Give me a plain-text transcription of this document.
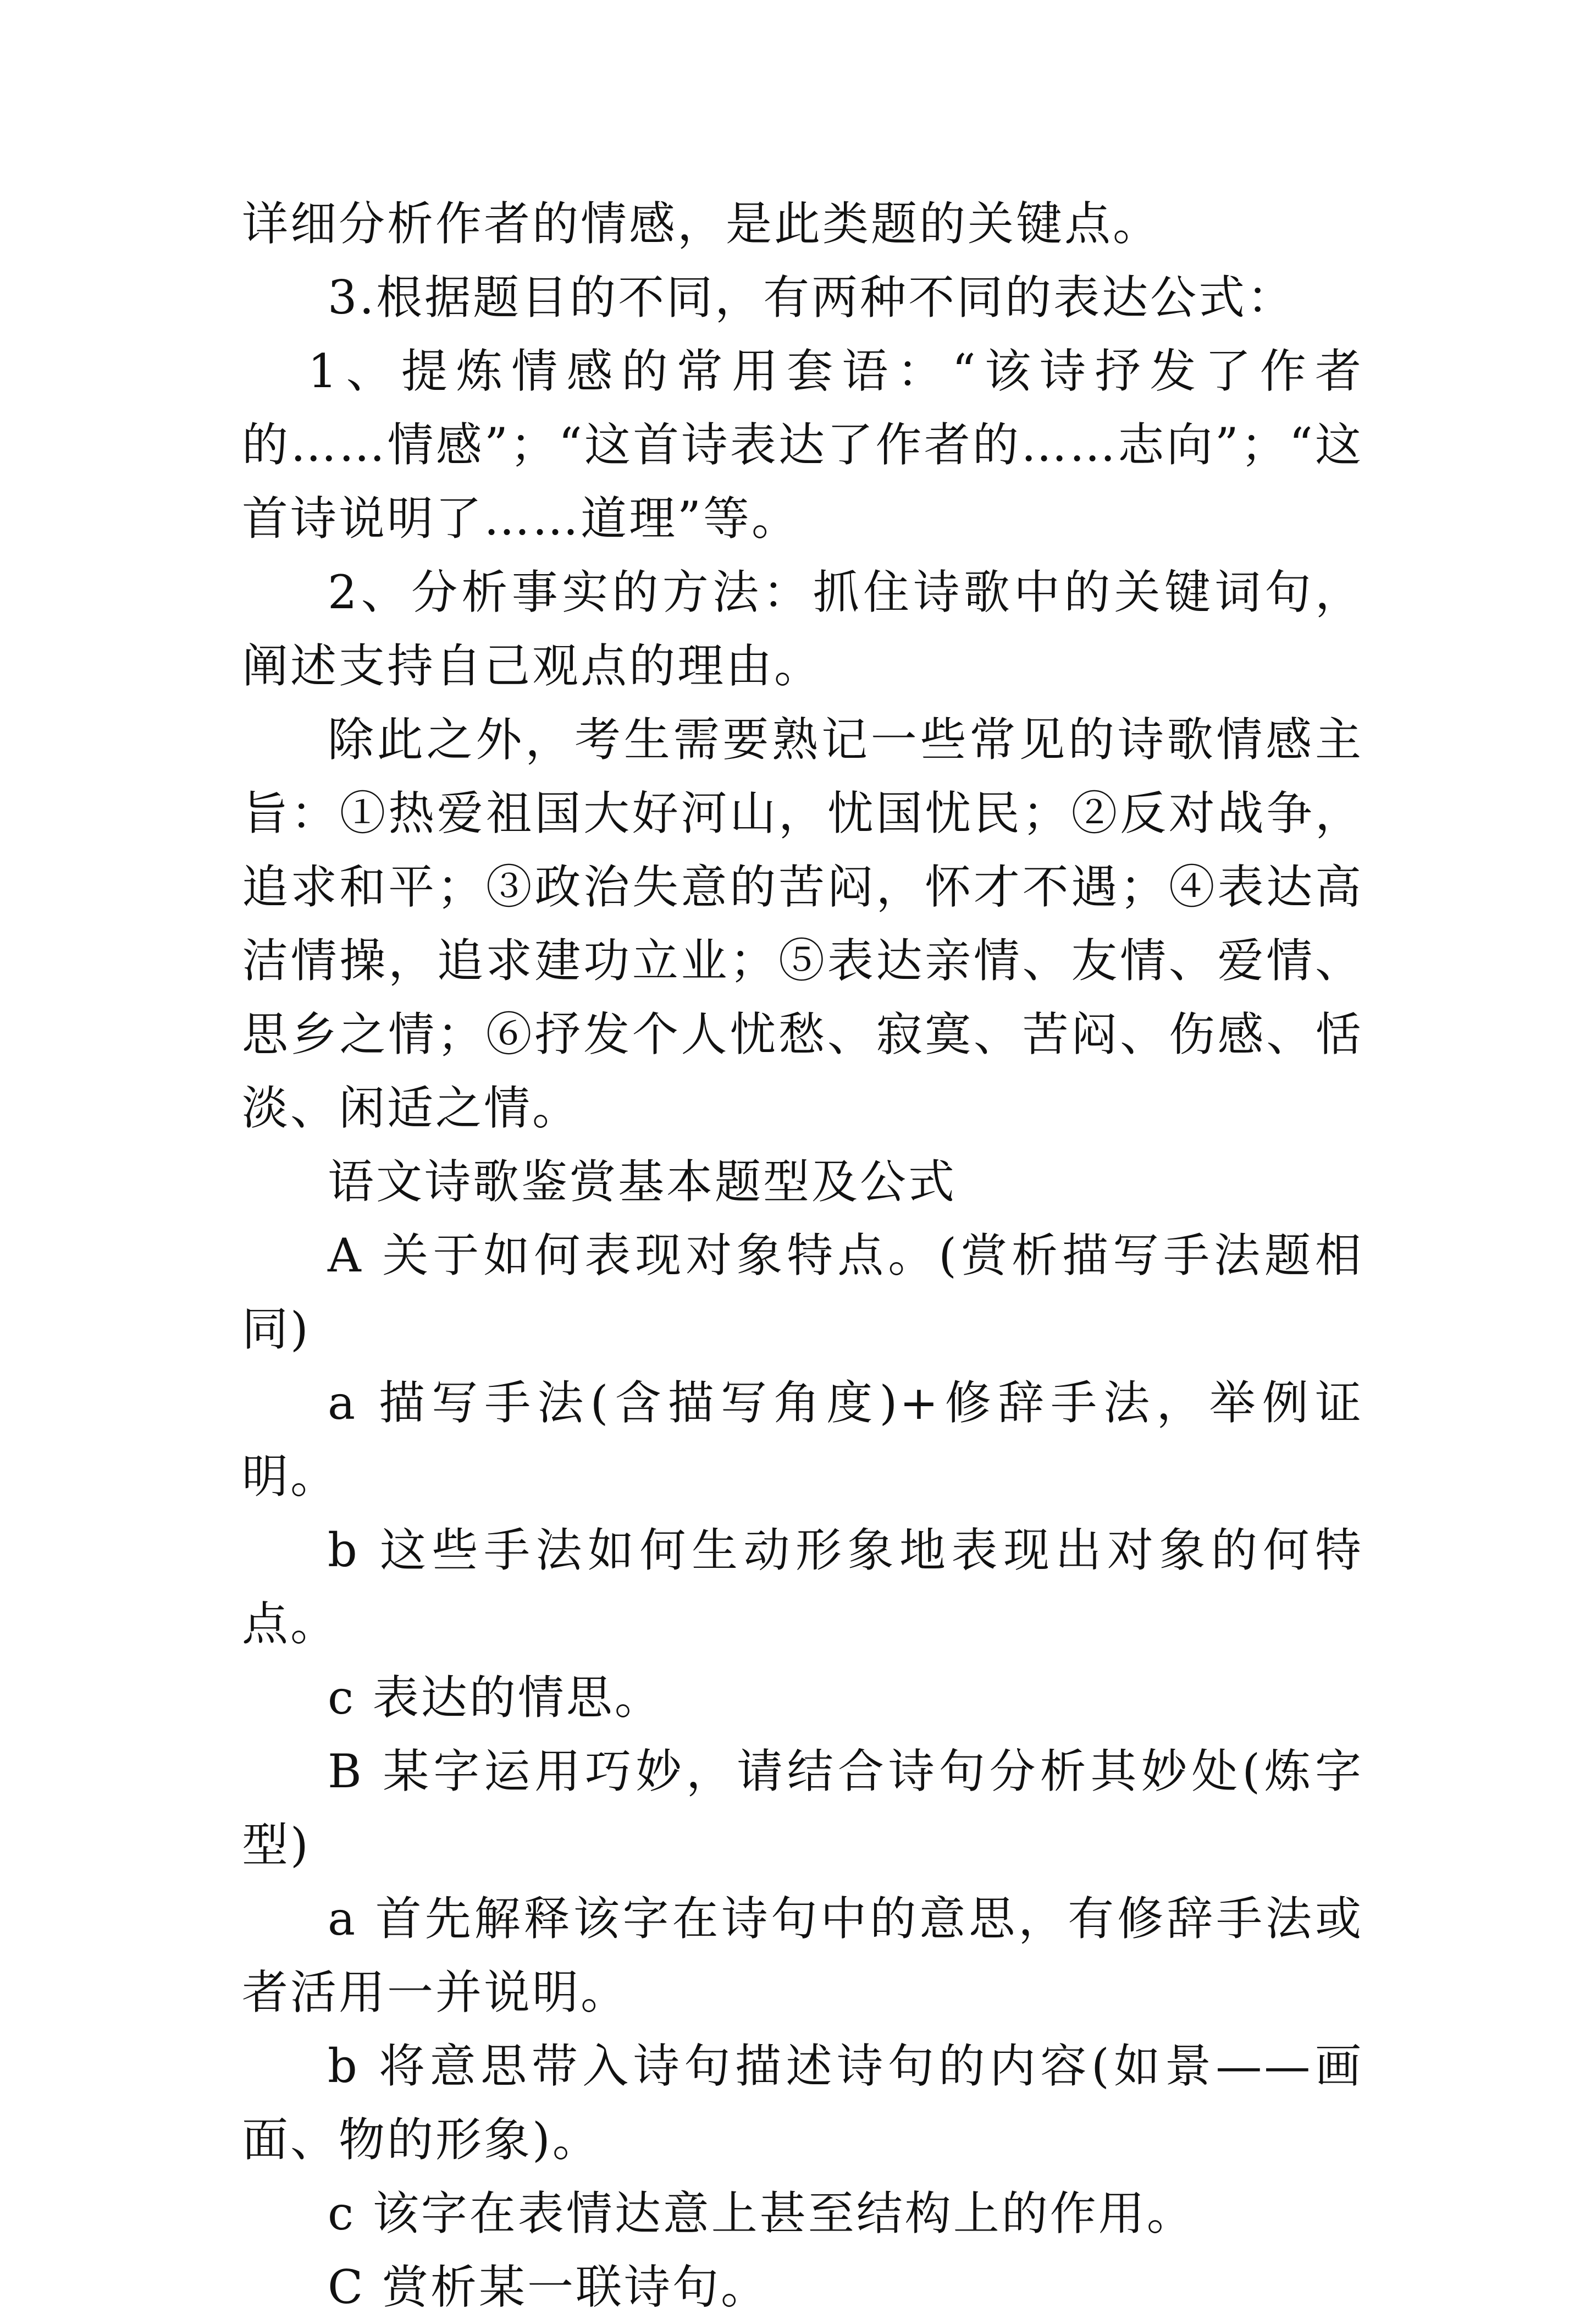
详细分析作者的情感，是此类题的关键点。

3.根据题目的不同，有两种不同的表达公式：

1、提炼情感的常用套语：“该诗抒发了作者的……情感”；“这首诗表达了作者的……志向”；“这首诗说明了……道理”等。

2、分析事实的方法：抓住诗歌中的关键词句，阐述支持自己观点的理由。

除此之外，考生需要熟记一些常见的诗歌情感主旨：①热爱祖国大好河山，忧国忧民；②反对战争，追求和平；③政治失意的苦闷，怀才不遇；④表达高洁情操，追求建功立业；⑤表达亲情、友情、爱情、思乡之情；⑥抒发个人忧愁、寂寞、苦闷、伤感、恬淡、闲适之情。

语文诗歌鉴赏基本题型及公式

A 关于如何表现对象特点。(赏析描写手法题相同)

a 描写手法(含描写角度)+修辞手法，举例证明。

b 这些手法如何生动形象地表现出对象的何特点。

c 表达的情思。

B 某字运用巧妙，请结合诗句分析其妙处(炼字型)

a 首先解释该字在诗句中的意思，有修辞手法或者活用一并说明。

b 将意思带入诗句描述诗句的内容(如景——画面、物的形象)。

c 该字在表情达意上甚至结构上的作用。

C 赏析某一联诗句。
